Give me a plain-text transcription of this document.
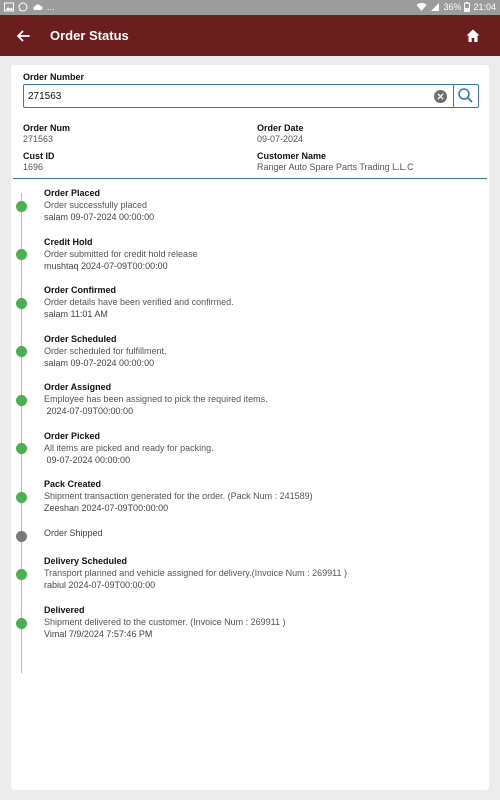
...	36% 21:04
Order Status
Order Number
271563
Order Num
271563
Order Date
09-07-2024
Cust ID
1696
Customer Name
Ranger Auto Spare Parts Trading L.L.C
Order Placed
Order successfully placed
salam 09-07-2024 00:00:00
Credit Hold
Order submitted for credit hold release
mushtaq 2024-07-09T00:00:00
Order Confirmed
Order details have been verified and confirmed.
salam 11:01 AM
Order Scheduled
Order scheduled for fulfillment.
salam 09-07-2024 00:00:00
Order Assigned
Employee has been assigned to pick the required items.
2024-07-09T00:00:00
Order Picked
All items are picked and ready for packing.
09-07-2024 00:00:00
Pack Created
Shipment transaction generated for the order. (Pack Num : 241589)
Zeeshan 2024-07-09T00:00:00
Order Shipped
Delivery Scheduled
Transport planned and vehicle assigned for delivery.(Invoice Num : 269911 )
rabiul 2024-07-09T00:00:00
Delivered
Shipment delivered to the customer. (Invoice Num : 269911 )
Vimal 7/9/2024 7:57:46 PM
